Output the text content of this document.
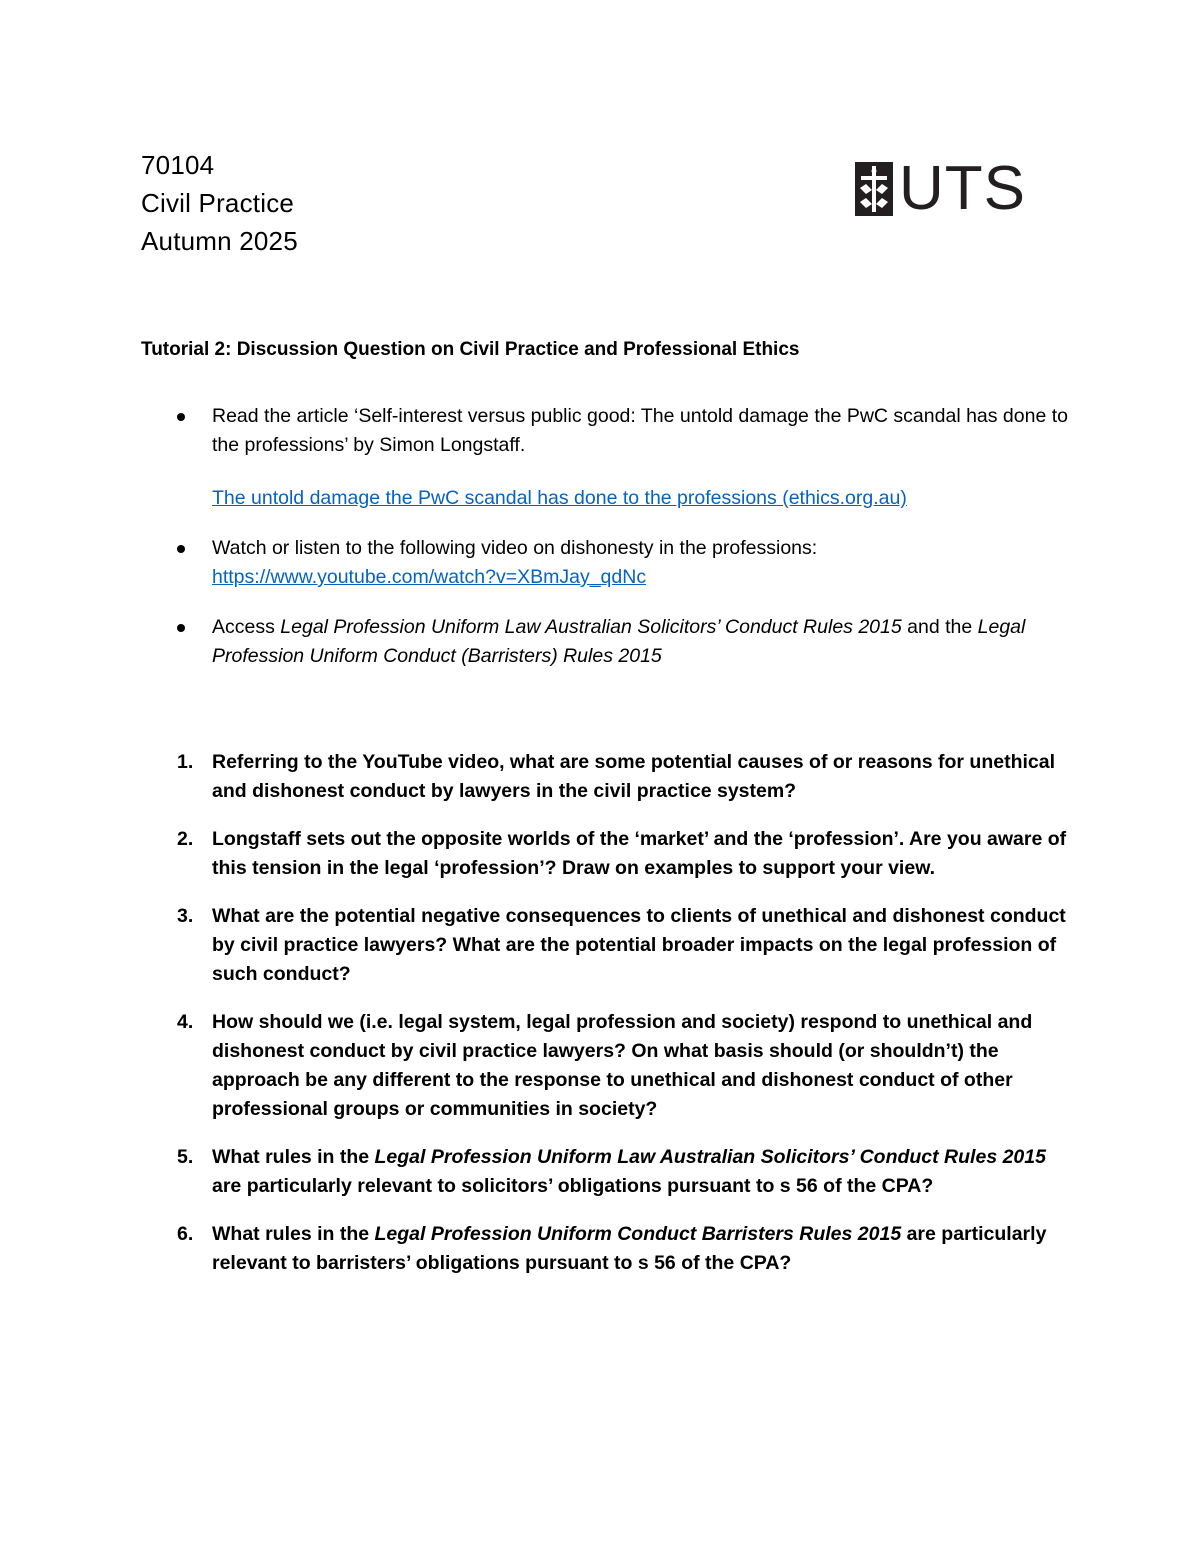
70104
Civil Practice
Autumn 2025
UTS
Tutorial 2: Discussion Question on Civil Practice and Professional Ethics
Read the article ‘Self-interest versus public good: The untold damage the PwC scandal has done to the professions’ by Simon Longstaff.
The untold damage the PwC scandal has done to the professions (ethics.org.au)
Watch or listen to the following video on dishonesty in the professions:
https://www.youtube.com/watch?v=XBmJay_qdNc
Access Legal Profession Uniform Law Australian Solicitors’ Conduct Rules 2015 and the Legal Profession Uniform Conduct (Barristers) Rules 2015
1. Referring to the YouTube video, what are some potential causes of or reasons for unethical and dishonest conduct by lawyers in the civil practice system?
2. Longstaff sets out the opposite worlds of the ‘market’ and the ‘profession’. Are you aware of this tension in the legal ‘profession’? Draw on examples to support your view.
3. What are the potential negative consequences to clients of unethical and dishonest conduct by civil practice lawyers? What are the potential broader impacts on the legal profession of such conduct?
4. How should we (i.e. legal system, legal profession and society) respond to unethical and dishonest conduct by civil practice lawyers? On what basis should (or shouldn’t) the approach be any different to the response to unethical and dishonest conduct of other professional groups or communities in society?
5. What rules in the Legal Profession Uniform Law Australian Solicitors’ Conduct Rules 2015 are particularly relevant to solicitors’ obligations pursuant to s 56 of the CPA?
6. What rules in the Legal Profession Uniform Conduct Barristers Rules 2015 are particularly relevant to barristers’ obligations pursuant to s 56 of the CPA?
